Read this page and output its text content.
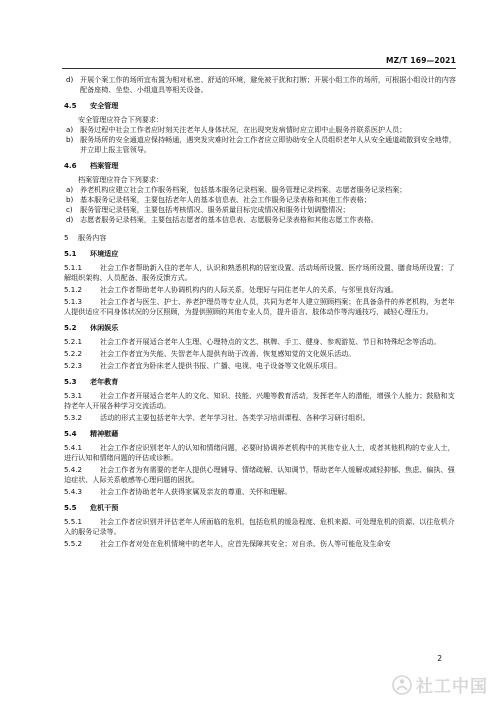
MZ/T 169—2021
d) 开展个案工作的场所宜布置为相对私密、舒适的环境，避免被干扰和打断；开展小组工作的场所，可根据小组设计的内容配备座椅、坐垫、小组道具等相关设备。
4.5 安全管理
安全管理应符合下列要求：
a) 服务过程中社会工作者应时刻关注老年人身体状况，在出现突发病情时应立即中止服务并联系医护人员；
b) 服务场所的安全通道应保持畅通，遇突发灾难时社会工作者应立即协助安全人员组织老年人从安全通道疏散到安全地带，并立即上报主管领导。
4.6 档案管理
档案管理应符合下列要求：
a) 养老机构应建立社会工作服务档案，包括基本服务记录档案、服务管理记录档案、志愿者服务记录档案；
b) 基本服务记录档案，主要包括老年人的基本信息表、社会工作服务记录表格和其他工作表格；
c) 服务管理记录档案，主要包括考核情况、服务质量目标完成情况和服务计划调整情况；
d) 志愿者服务记录档案，主要包括志愿者的基本信息表、志愿服务记录表格和其他志愿工作表格。
5 服务内容
5.1 环境适应
5.1.1	社会工作者帮助新入住的老年人，认识和熟悉机构的居室设置、活动场所设置、医疗场所设置、膳食场所设置；了解组织架构、人员配备、服务反馈方式。
5.1.2	社会工作者帮助老年人协调机构内的人际关系，处理好与同住老年人的关系，与邻里良好沟通。
5.1.3	社会工作者与医生、护士、养老护理员等专业人员，共同为老年人建立照顾档案；在具备条件的养老机构，为老年人提供适应不同身体状况的分区照顾，为提供照顾的其他专业人员，提升语言、肢体动作等沟通技巧，减轻心理压力。
5.2 休闲娱乐
5.2.1	社会工作者开展适合老年人生理、心理特点的文艺、棋牌、手工、健身、参观游览、节日和特殊纪念等活动。
5.2.2	社会工作者宜为失能、失智老年人提供有助于改善、恢复感知觉的文化娱乐活动。
5.2.3	社会工作者宜为卧床老人提供书报、广播、电视、电子设备等文化娱乐项目。
5.3 老年教育
5.3.1	社会工作者开展适合老年人的文化、知识、技能、兴趣等教育活动，发挥老年人的潜能，增强个人能力；鼓励和支持老年人开展各种学习交流活动。
5.3.2	活动的形式主要包括老年大学、老年学习社、各类学习培训课程、各种学习研讨组织。
5.4 精神慰藉
5.4.1	社会工作者应识别老年人的认知和情绪问题，必要时协调养老机构中的其他专业人士，或者其他机构的专业人士，进行认知和情绪问题的评估或诊断。
5.4.2	社会工作者为有需要的老年人提供心理辅导、情绪疏解、认知调节，帮助老年人缓解或减轻抑郁、焦虑、偏执、强迫症状、人际关系敏感等心理问题的困扰。
5.4.3	社会工作者协助老年人获得家属及亲友的尊重、关怀和理解。
5.5 危机干预
5.5.1	社会工作者应识别并评估老年人所面临的危机，包括危机的缓急程度、危机来源、可处理危机的资源、以往危机介入的服务记录等。
5.5.2	社会工作者对处在危机情境中的老年人，应首先保障其安全；对自杀、伤人等可能危及生命安
2
社工中国
